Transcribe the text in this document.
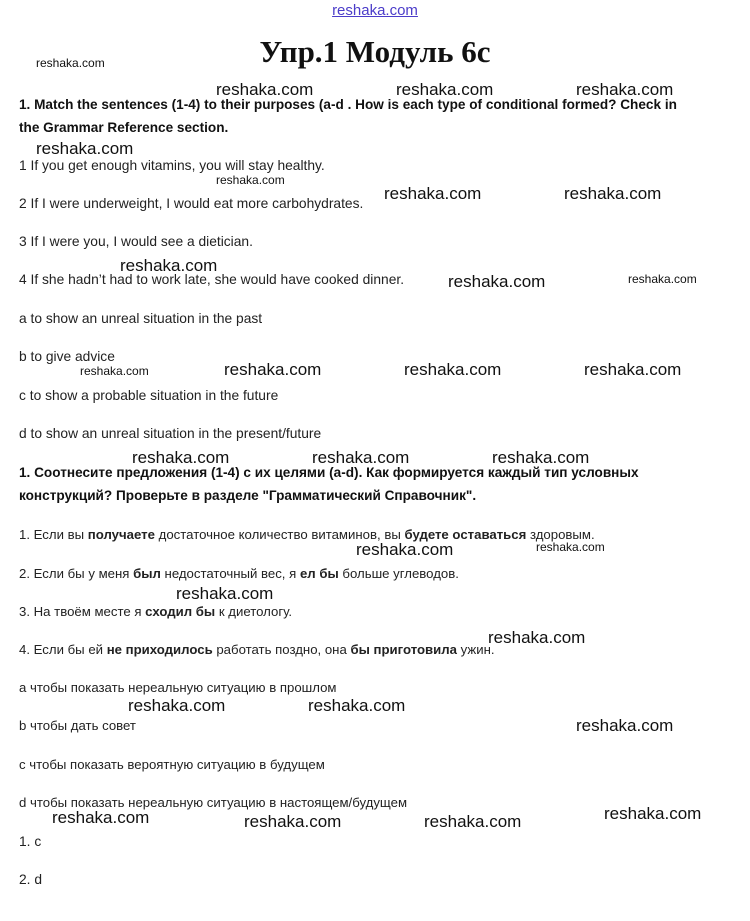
reshaka.com
Упр.1 Модуль 6с
1. Match the sentences (1-4) to their purposes (a-d . How is each type of conditional formed? Check in
the Grammar Reference section.
1 If you get enough vitamins, you will stay healthy.
2 If I were underweight, I would eat more carbohydrates.
3 If I were you, I would see a dietician.
4 If she hadn’t had to work late, she would have cooked dinner.
a to show an unreal situation in the past
b to give advice
c to show a probable situation in the future
d to show an unreal situation in the present/future
1. Соотнесите предложения (1-4) с их целями (a-d). Как формируется каждый тип условных
конструкций? Проверьте в разделе "Грамматический Справочник".
1. Если вы получаете достаточное количество витаминов, вы будете оставаться здоровым.
2. Если бы у меня был недостаточный вес, я ел бы больше углеводов.
3. На твоём месте я сходил бы к диетологу.
4. Если бы ей не приходилось работать поздно, она бы приготовила ужин.
a чтобы показать нереальную ситуацию в прошлом
b чтобы дать совет
c чтобы показать вероятную ситуацию в будущем
d чтобы показать нереальную ситуацию в настоящем/будущем
1. с
2. d
reshaka.com
reshaka.com	reshaka.com	reshaka.com
reshaka.com
reshaka.com
reshaka.com	reshaka.com
reshaka.com
reshaka.com	reshaka.com
reshaka.com	reshaka.com	reshaka.com	reshaka.com
reshaka.com	reshaka.com	reshaka.com
reshaka.com	reshaka.com
reshaka.com
reshaka.com
reshaka.com	reshaka.com
reshaka.com
reshaka.com	reshaka.com	reshaka.com	reshaka.com
